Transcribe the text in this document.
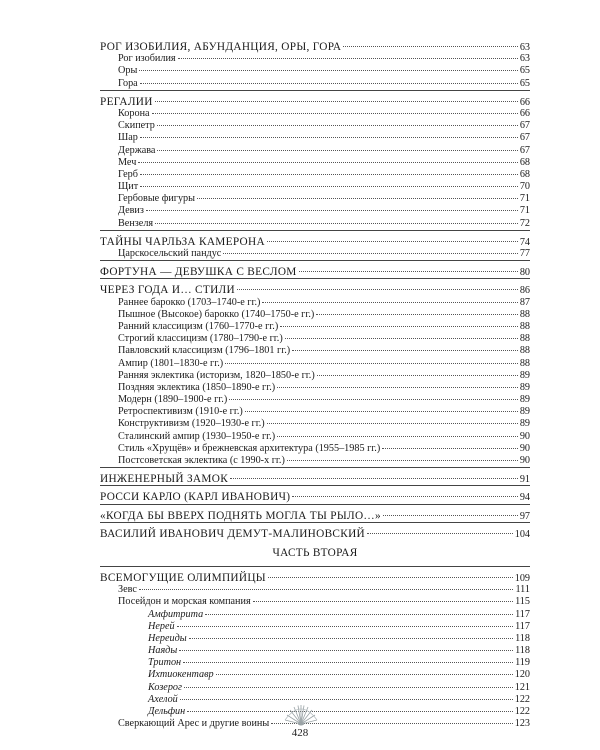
РОГ ИЗОБИЛИЯ, АБУНДАНЦИЯ, ОРЫ, ГОРА	63
Рог изобилия	63
Оры	65
Гора	65
РЕГАЛИИ	66
Корона	66
Скипетр	67
Шар	67
Держава	67
Меч	68
Герб	68
Щит	70
Гербовые фигуры	71
Девиз	71
Вензеля	72
ТАЙНЫ ЧАРЛЬЗА КАМЕРОНА	74
Царскосельский пандус	77
ФОРТУНА — ДЕВУШКА С ВЕСЛОМ	80
ЧЕРЕЗ ГОДА И… СТИЛИ	86
Раннее барокко (1703–1740-е гг.)	87
Пышное (Высокое) барокко (1740–1750-е гг.)	88
Ранний классицизм (1760–1770-е гг.)	88
Строгий классицизм (1780–1790-е гг.)	88
Павловский классицизм (1796–1801 гг.)	88
Ампир (1801–1830-е гг.)	88
Ранняя эклектика (историзм, 1820–1850-е гг.)	89
Поздняя эклектика (1850–1890-е гг.)	89
Модерн (1890–1900-е гг.)	89
Ретроспективизм (1910-е гг.)	89
Конструктивизм (1920–1930-е гг.)	89
Сталинский ампир (1930–1950-е гг.)	90
Стиль «Хрущёв» и брежневская архитектура (1955–1985 гг.)	90
Постсоветская эклектика (с 1990-х гг.)	90
ИНЖЕНЕРНЫЙ ЗАМОК	91
РОССИ КАРЛО (КАРЛ ИВАНОВИЧ)	94
«КОГДА БЫ ВВЕРХ ПОДНЯТЬ МОГЛА ТЫ РЫЛО…»	97
ВАСИЛИЙ ИВАНОВИЧ ДЕМУТ-МАЛИНОВСКИЙ	104
ЧАСТЬ ВТОРАЯ
ВСЕМОГУЩИЕ ОЛИМПИЙЦЫ	109
Зевс	111
Посейдон и морская компания	115
Амфитрита	117
Нерей	117
Нереиды	118
Наяды	118
Тритон	119
Ихтиокентавр	120
Козерог	121
Ахелой	122
Дельфин	122
Сверкающий Арес и другие воины	123
428
